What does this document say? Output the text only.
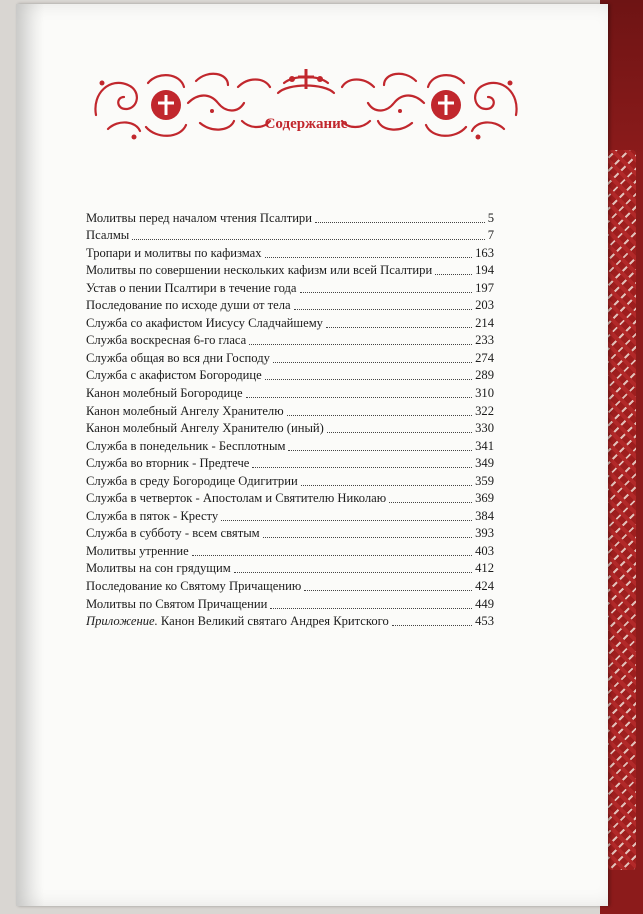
Содержание
Молитвы перед началом чтения Псалтири	5
Псалмы	7
Тропари и молитвы по кафизмах	163
Молитвы по совершении нескольких кафизм или всей Псалтири	194
Устав о пении Псалтири в течение года	197
Последование по исходе души от тела	203
Служба со акафистом Иисусу Сладчайшему	214
Служба воскресная 6-го гласа	233
Служба общая во вся дни Господу	274
Служба с акафистом Богородице	289
Канон молебный Богородице	310
Канон молебный Ангелу Хранителю	322
Канон молебный Ангелу Хранителю (иный)	330
Служба в понедельник - Бесплотным	341
Служба во вторник - Предтече	349
Служба в среду Богородице Одигитрии	359
Служба в четверток - Апостолам и Святителю Николаю	369
Служба в пяток - Кресту	384
Служба в субботу - всем святым	393
Молитвы утренние	403
Молитвы на сон грядущим	412
Последование ко Святому Причащению	424
Молитвы по Святом Причащении	449
Приложение. Канон Великий святаго Андрея Критского	453
